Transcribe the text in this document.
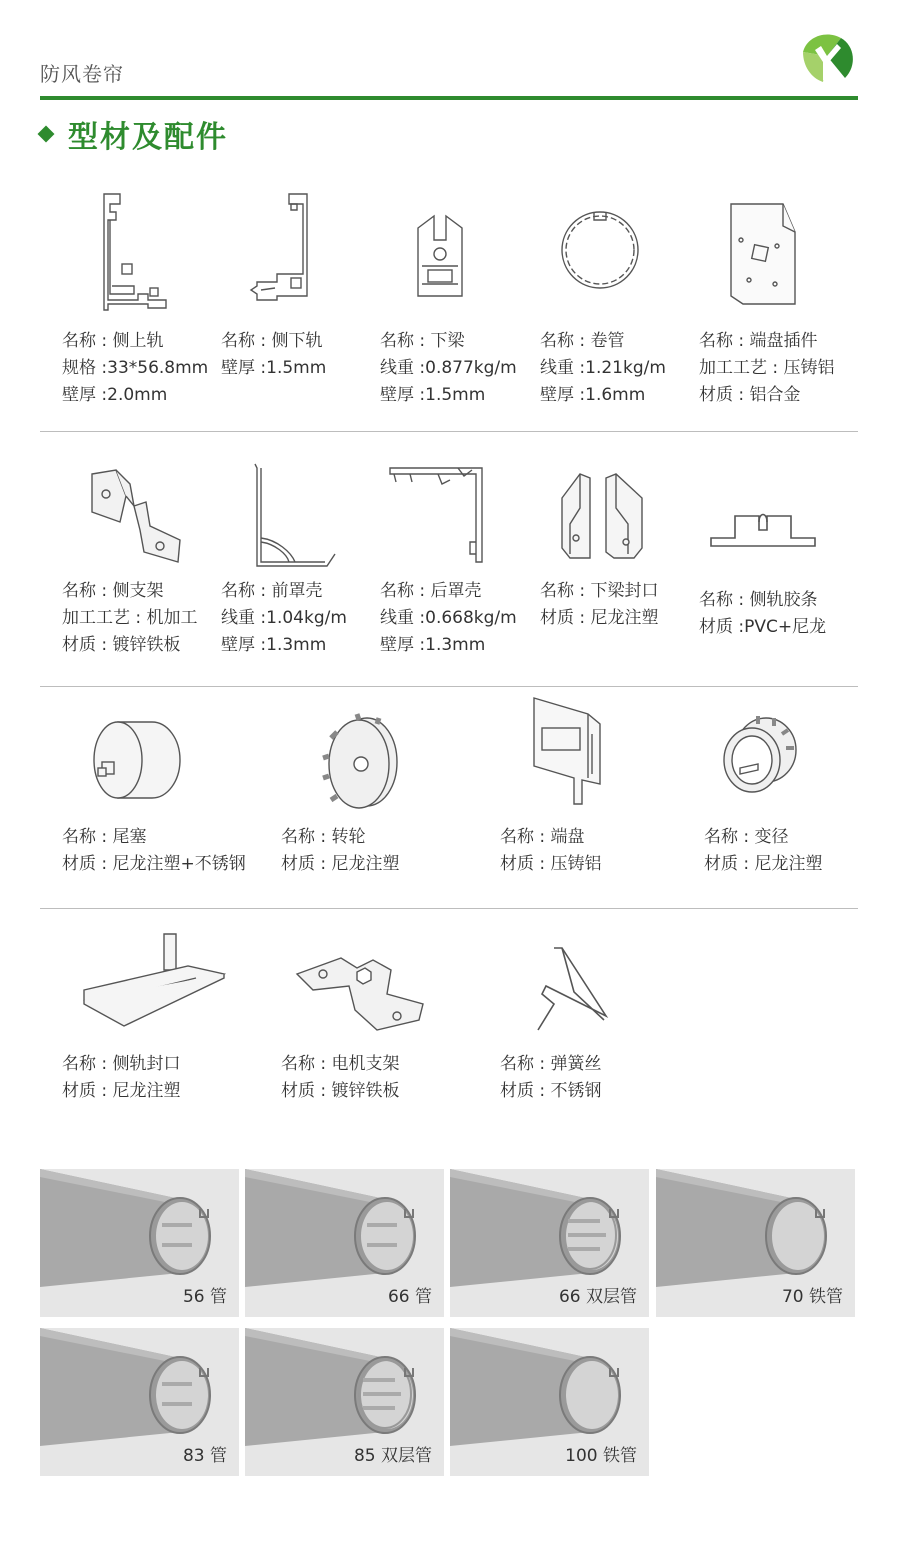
防风卷帘
型材及配件
名称 : 侧上轨
规格 :33*56.8mm
壁厚 :2.0mm
名称 : 侧下轨
壁厚 :1.5mm
名称 : 下梁
线重 :0.877kg/m
壁厚 :1.5mm
名称 : 卷管
线重 :1.21kg/m
壁厚 :1.6mm
名称 : 端盘插件
加工工艺 : 压铸铝
材质 : 铝合金
名称 : 侧支架
加工工艺 : 机加工
材质 : 镀锌铁板
名称 : 前罩壳
线重 :1.04kg/m
壁厚 :1.3mm
名称 : 后罩壳
线重 :0.668kg/m
壁厚 :1.3mm
名称 : 下梁封口
材质 : 尼龙注塑
名称 : 侧轨胶条
材质 :PVC+尼龙
名称 : 尾塞
材质 : 尼龙注塑+不锈钢
名称 : 转轮
材质 : 尼龙注塑
名称 : 端盘
材质 : 压铸铝
名称 : 变径
材质 : 尼龙注塑
名称 : 侧轨封口
材质 : 尼龙注塑
名称 : 电机支架
材质 : 镀锌铁板
名称 : 弹簧丝
材质 : 不锈钢
56 管	66 管	66 双层管	70 铁管
83 管	85 双层管	100 铁管
